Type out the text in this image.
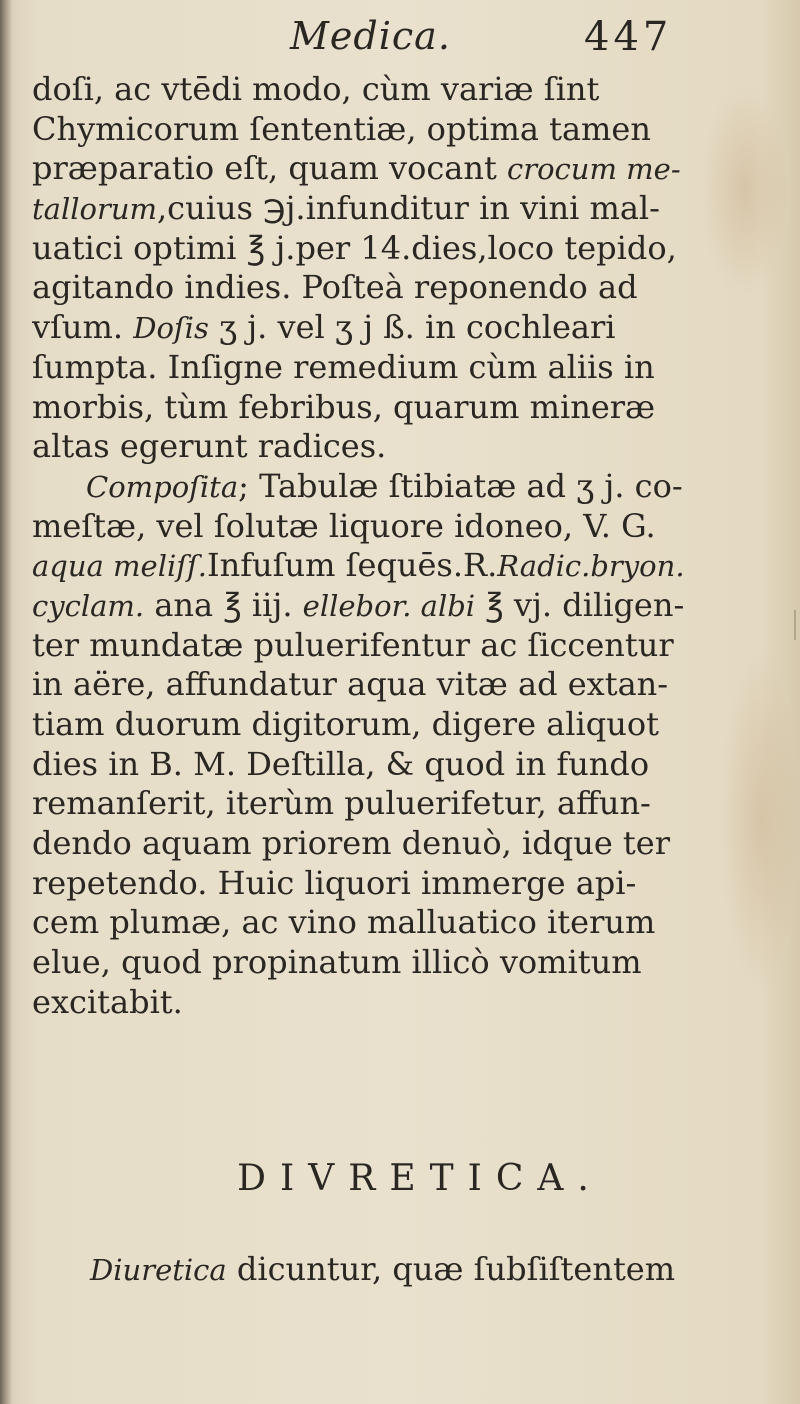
Medica.	447
doſi, ac vtēdi modo, cùm variæ ſint
Chymicorum ſententiæ, optima tamen
præparatio eſt, quam vocant crocum me-
tallorum,cuius ℈j.infunditur in vini mal-
uatici optimi ℥ j.per 14.dies,loco tepido,
agitando indies. Poſteà reponendo ad
vſum. Doſis ʒ j. vel ʒ j ß. in cochleari
ſumpta. Inſigne remedium cùm aliis in
morbis, tùm febribus, quarum mineræ
altas egerunt radices.
Compoſita; Tabulæ ſtibiatæ ad ʒ j. co-
meſtæ, vel ſolutæ liquore idoneo, V. G.
aqua meliſſ.Infuſum ſequēs.R.Radic.bryon.
cyclam. ana ℥ iij. ellebor. albi ℥ vj. diligen-
ter mundatæ puluerifentur ac ſiccentur
in aëre, affundatur aqua vitæ ad extan-
tiam duorum digitorum, digere aliquot
dies in B. M. Deſtilla, & quod in fundo
remanſerit, iterùm puluerifetur, affun-
dendo aquam priorem denuò, idque ter
repetendo. Huic liquori immerge api-
cem plumæ, ac vino malluatico iterum
elue, quod propinatum illicò vomitum
excitabit.
DIVRETICA.
Diuretica dicuntur, quæ ſubſiſtentem
